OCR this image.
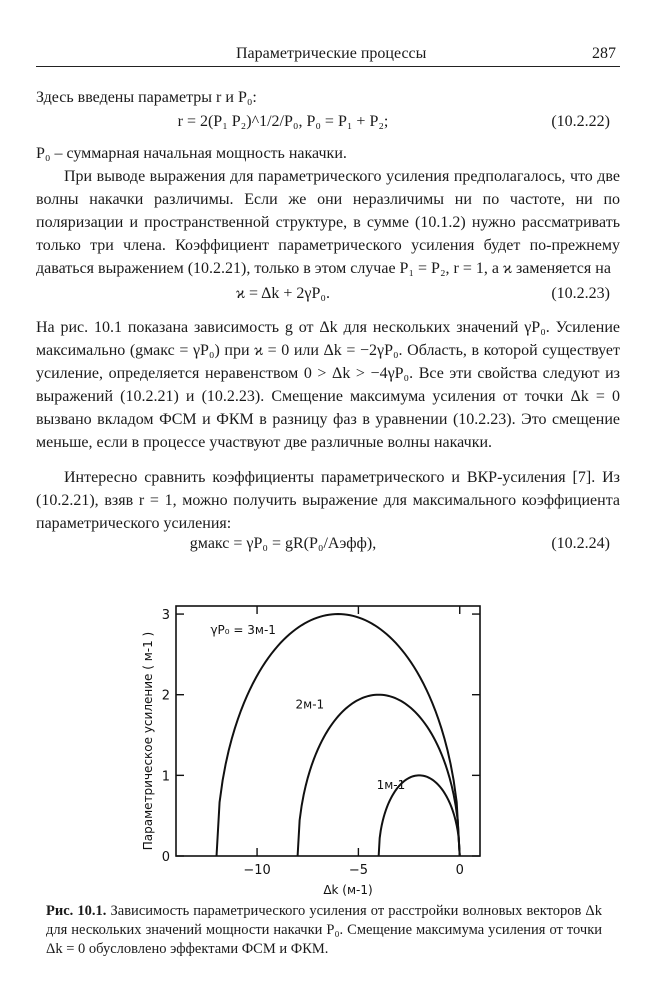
Параметрические процессы	287

Здесь введены параметры r и P₀:

r = 2(P₁ P₂)^1/2/P₀, P₀ = P₁ + P₂;	(10.2.22)

P₀ – суммарная начальная мощность накачки.

При выводе выражения для параметрического усиления предполагалось, что две волны накачки различимы. Если же они неразличимы ни по частоте, ни по поляризации и пространственной структуре, в сумме (10.1.2) нужно рассматривать только три члена. Коэффициент параметрического усиления будет по-прежнему даваться выражением (10.2.21), только в этом случае P₁ = P₂, r = 1, а ϰ заменяется на

ϰ = Δk + 2γP₀.	(10.2.23)

На рис. 10.1 показана зависимость g от Δk для нескольких значений γP₀. Усиление максимально (gмакс = γP₀) при ϰ = 0 или Δk = −2γP₀. Область, в которой существует усиление, определяется неравенством 0 > Δk > −4γP₀. Все эти свойства следуют из выражений (10.2.21) и (10.2.23). Смещение максимума усиления от точки Δk = 0 вызвано вкладом ФСМ и ФКМ в разницу фаз в уравнении (10.2.23). Это смещение меньше, если в процессе участвуют две различные волны накачки.

Интересно сравнить коэффициенты параметрического и ВКР-усиления [7]. Из (10.2.21), взяв r = 1, можно получить выражение для максимального коэффициента параметрического усиления:

gмакс = γP₀ = gR(P₀/Aэфф),	(10.2.24)
−10	−5	0
0
1
2
3
Δk (м-1)
Параметрическое усиление ( м-1 )
γP₀ = 3м-1
2м-1
1м-1
Рис. 10.1. Зависимость параметрического усиления от расстройки волновых векторов Δk для нескольких значений мощности накачки P₀. Смещение максимума усиления от точки Δk = 0 обусловлено эффектами ФСМ и ФКМ.
